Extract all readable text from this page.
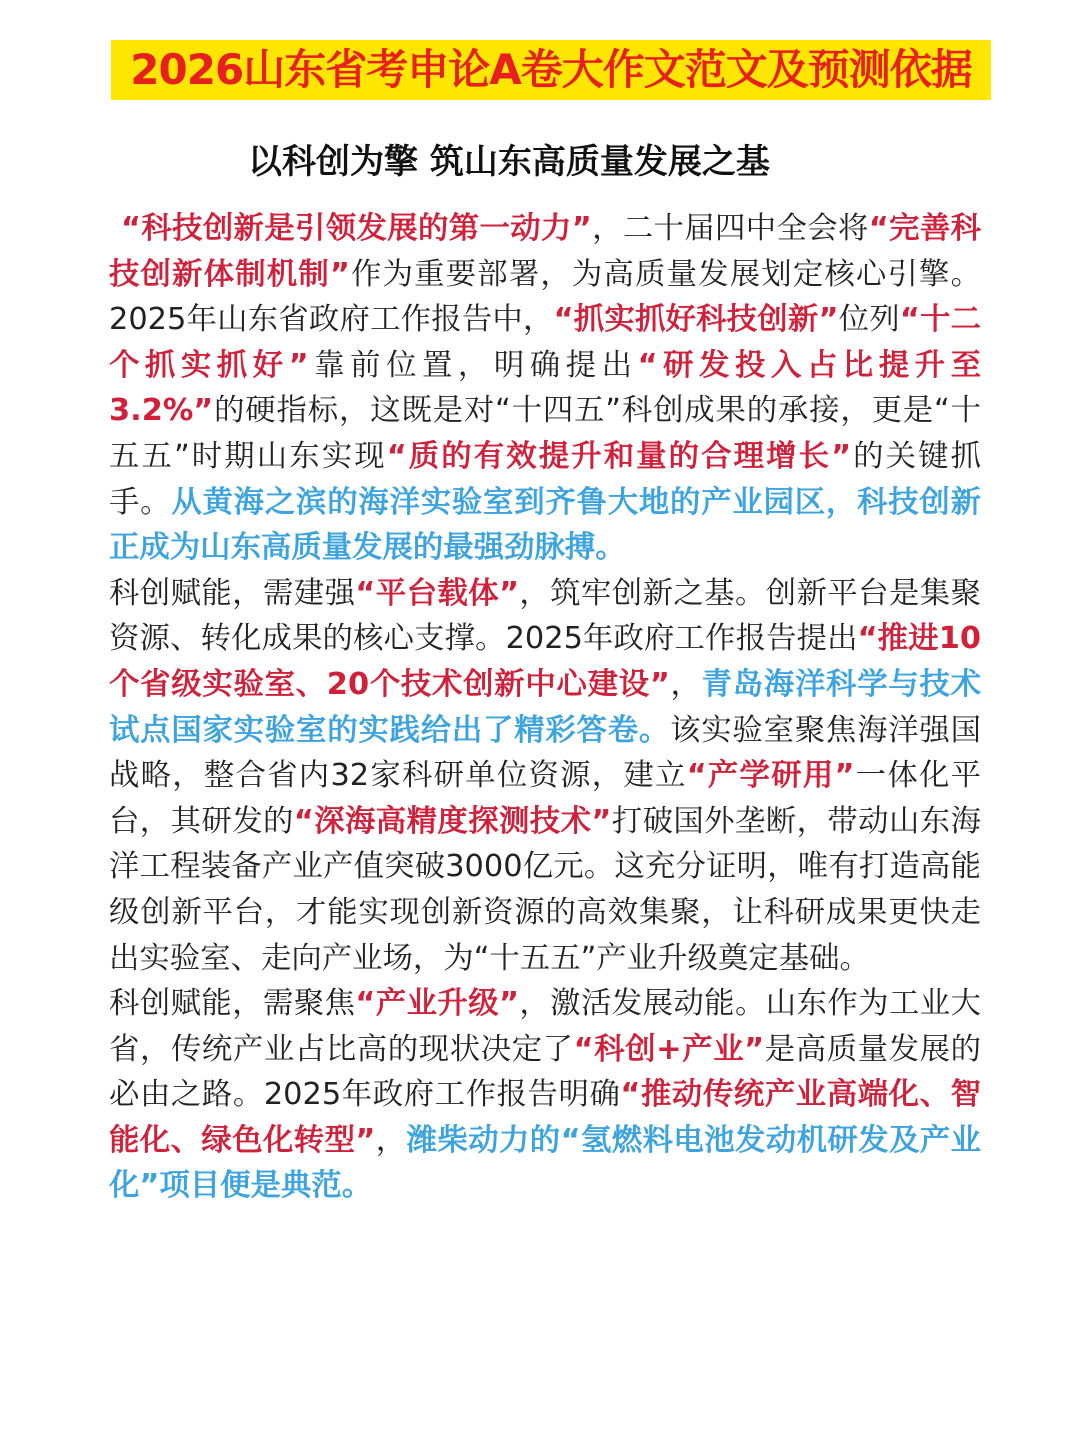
2026山东省考申论A卷大作文范文及预测依据
以科创为擎 筑山东高质量发展之基

“科技创新是引领发展的第一动力”，二十届四中全会将“完善科技创新体制机制”作为重要部署，为高质量发展划定核心引擎。2025年山东省政府工作报告中，“抓实抓好科技创新”位列“十二个抓实抓好”靠前位置，明确提出“研发投入占比提升至3.2%”的硬指标，这既是对“十四五”科创成果的承接，更是“十五五”时期山东实现“质的有效提升和量的合理增长”的关键抓手。从黄海之滨的海洋实验室到齐鲁大地的产业园区，科技创新正成为山东高质量发展的最强劲脉搏。

科创赋能，需建强“平台载体”，筑牢创新之基。创新平台是集聚资源、转化成果的核心支撑。2025年政府工作报告提出“推进10个省级实验室、20个技术创新中心建设”，青岛海洋科学与技术试点国家实验室的实践给出了精彩答卷。该实验室聚焦海洋强国战略，整合省内32家科研单位资源，建立“产学研用”一体化平台，其研发的“深海高精度探测技术”打破国外垄断，带动山东海洋工程装备产业产值突破3000亿元。这充分证明，唯有打造高能级创新平台，才能实现创新资源的高效集聚，让科研成果更快走出实验室、走向产业场，为“十五五”产业升级奠定基础。

科创赋能，需聚焦“产业升级”，激活发展动能。山东作为工业大省，传统产业占比高的现状决定了“科创+产业”是高质量发展的必由之路。2025年政府工作报告明确“推动传统产业高端化、智能化、绿色化转型”，潍柴动力的“氢燃料电池发动机研发及产业化”项目便是典范。
